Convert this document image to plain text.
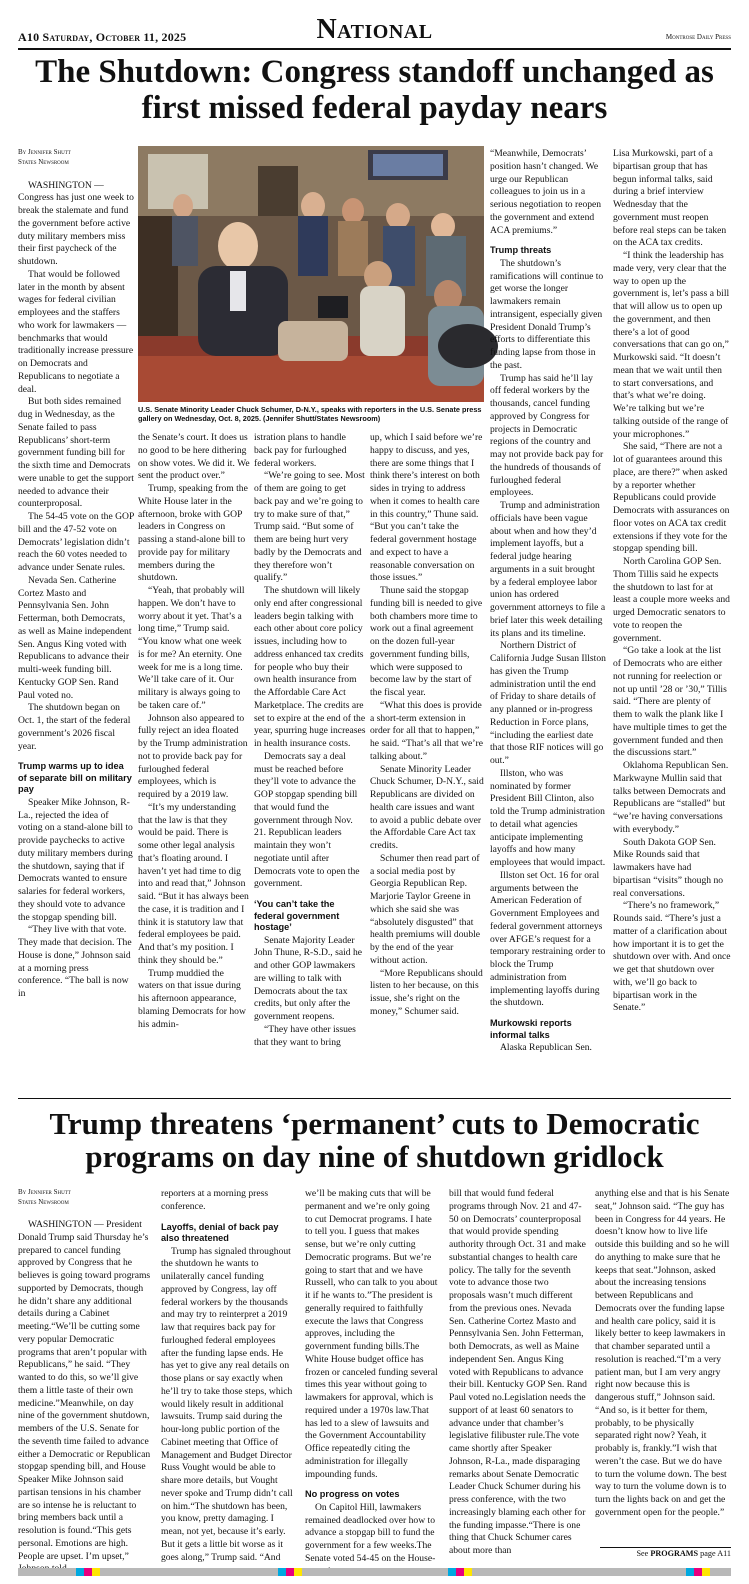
A10 Saturday, October 11, 2025	National	Montrose Daily Press
The Shutdown: Congress standoff unchanged as first missed federal payday nears

By Jennifer Shutt

States Newsroom

WASHINGTON — Congress has just one week to break the stalemate and fund the government before active duty military members miss their first paycheck of the shutdown.

That would be followed later in the month by absent wages for federal civilian employees and the staffers who work for lawmakers — benchmarks that would traditionally increase pressure on Democrats and Republicans to negotiate a deal.

But both sides remained dug in Wednesday, as the Senate failed to pass Republicans’ short-term government funding bill for the sixth time and Democrats were unable to get the support needed to advance their counterproposal.

The 54-45 vote on the GOP bill and the 47-52 vote on Democrats’ legislation didn’t reach the 60 votes needed to advance under Senate rules.

Nevada Sen. Catherine Cortez Masto and Pennsylvania Sen. John Fetterman, both Democrats, as well as Maine independent Sen. Angus King voted with Republicans to advance their multi-week funding bill. Kentucky GOP Sen. Rand Paul voted no.

The shutdown began on Oct. 1, the start of the federal government’s 2026 fiscal year.

Trump warms up to idea of separate bill on military pay

Speaker Mike Johnson, R-La., rejected the idea of voting on a stand-alone bill to provide paychecks to active duty military members during the shutdown, saying that if Democrats wanted to ensure salaries for federal workers, they should vote to advance the stopgap spending bill.

“They live with that vote. They made that decision. The House is done,” Johnson said at a morning press conference. “The ball is now in

U.S. Senate Minority Leader Chuck Schumer, D-N.Y., speaks with reporters in the U.S. Senate press gallery on Wednesday, Oct. 8, 2025. (Jennifer Shutt/States Newsroom)

the Senate’s court. It does us no good to be here dithering on show votes. We did it. We sent the product over.”

Trump, speaking from the White House later in the afternoon, broke with GOP leaders in Congress on passing a stand-alone bill to provide pay for military members during the shutdown.

“Yeah, that probably will happen. We don’t have to worry about it yet. That’s a long time,” Trump said. “You know what one week is for me? An eternity. One week for me is a long time. We’ll take care of it. Our military is always going to be taken care of.”

Johnson also appeared to fully reject an idea floated by the Trump administration not to provide back pay for furloughed federal employees, which is required by a 2019 law.

“It’s my understanding that the law is that they would be paid. There is some other legal analysis that’s floating around. I haven’t yet had time to dig into and read that,” Johnson said. “But it has always been the case, it is tradition and I think it is statutory law that federal employees be paid. And that’s my position. I think they should be.”

Trump muddied the waters on that issue during his afternoon appearance, blaming Democrats for how his admin-

istration plans to handle back pay for furloughed federal workers.

“We’re going to see. Most of them are going to get back pay and we’re going to try to make sure of that,” Trump said. “But some of them are being hurt very badly by the Democrats and they therefore won’t qualify.”

The shutdown will likely only end after congressional leaders begin talking with each other about core policy issues, including how to address enhanced tax credits for people who buy their own health insurance from the Affordable Care Act Marketplace. The credits are set to expire at the end of the year, spurring huge increases in health insurance costs.

Democrats say a deal must be reached before they’ll vote to advance the GOP stopgap spending bill that would fund the government through Nov. 21. Republican leaders maintain they won’t negotiate until after Democrats vote to open the government.

‘You can’t take the federal government hostage’

Senate Majority Leader John Thune, R-S.D., said he and other GOP lawmakers are willing to talk with Democrats about the tax credits, but only after the government reopens.

“They have other issues that they want to bring

up, which I said before we’re happy to discuss, and yes, there are some things that I think there’s interest on both sides in trying to address when it comes to health care in this country,” Thune said. “But you can’t take the federal government hostage and expect to have a reasonable conversation on those issues.”

Thune said the stopgap funding bill is needed to give both chambers more time to work out a final agreement on the dozen full-year government funding bills, which were supposed to become law by the start of the fiscal year.

“What this does is provide a short-term extension in order for all that to happen,” he said. “That’s all that we’re talking about.”

Senate Minority Leader Chuck Schumer, D-N.Y., said Republicans are divided on health care issues and want to avoid a public debate over the Affordable Care Act tax credits.

Schumer then read part of a social media post by Georgia Republican Rep. Marjorie Taylor Greene in which she said she was “absolutely disgusted” that health premiums will double by the end of the year without action.

“More Republicans should listen to her because, on this issue, she’s right on the money,” Schumer said.

“Meanwhile, Democrats’ position hasn’t changed. We urge our Republican colleagues to join us in a serious negotiation to reopen the government and extend ACA premiums.”

Trump threats

The shutdown’s ramifications will continue to get worse the longer lawmakers remain intransigent, especially given President Donald Trump’s efforts to differentiate this funding lapse from those in the past.

Trump has said he’ll lay off federal workers by the thousands, cancel funding approved by Congress for projects in Democratic regions of the country and may not provide back pay for the hundreds of thousands of furloughed federal employees.

Trump and administration officials have been vague about when and how they’d implement layoffs, but a federal judge hearing arguments in a suit brought by a federal employee labor union has ordered government attorneys to file a brief later this week detailing its plans and its timeline.

Northern District of California Judge Susan Illston has given the Trump administration until the end of Friday to share details of any planned or in-progress Reduction in Force plans, “including the earliest date that those RIF notices will go out.”

Illston, who was nominated by former President Bill Clinton, also told the Trump administration to detail what agencies anticipate implementing layoffs and how many employees that would impact.

Illston set Oct. 16 for oral arguments between the American Federation of Government Employees and federal government attorneys over AFGE’s request for a temporary restraining order to block the Trump administration from implementing layoffs during the shutdown.

Murkowski reports informal talks

Alaska Republican Sen.

Lisa Murkowski, part of a bipartisan group that has begun informal talks, said during a brief interview Wednesday that the government must reopen before real steps can be taken on the ACA tax credits.

“I think the leadership has made very, very clear that the way to open up the government is, let’s pass a bill that will allow us to open up the government, and then there’s a lot of good conversations that can go on,” Murkowski said. “It doesn’t mean that we wait until then to start conversations, and that’s what we’re doing. We’re talking but we’re talking outside of the range of your microphones.”

She said, “There are not a lot of guarantees around this place, are there?” when asked by a reporter whether Republicans could provide Democrats with assurances on floor votes on ACA tax credit extensions if they vote for the stopgap spending bill.

North Carolina GOP Sen. Thom Tillis said he expects the shutdown to last for at least a couple more weeks and urged Democratic senators to vote to reopen the government.

“Go take a look at the list of Democrats who are either not running for reelection or not up until ’28 or ’30,” Tillis said. “There are plenty of them to walk the plank like I have multiple times to get the government funded and then the discussions start.”

Oklahoma Republican Sen. Markwayne Mullin said that talks between Democrats and Republicans are “stalled” but “we’re having conversations with everybody.”

South Dakota GOP Sen. Mike Rounds said that lawmakers have had bipartisan “visits” though no real conversations.

“There’s no framework,” Rounds said. “There’s just a matter of a clarification about how important it is to get the shutdown over with. And once we get that shutdown over with, we’ll go back to bipartisan work in the Senate.”

Trump threatens ‘permanent’ cuts to Democratic programs on day nine of shutdown gridlock

By Jennifer Shutt

States Newsroom

WASHINGTON — President Donald Trump said Thursday he’s prepared to cancel funding approved by Congress that he believes is going toward programs supported by Democrats, though he didn’t share any additional details during a Cabinet meeting.“We’ll be cutting some very popular Democratic programs that aren’t popular with Republicans,” he said. “They wanted to do this, so we’ll give them a little taste of their own medicine.”Meanwhile, on day nine of the government shutdown, members of the U.S. Senate for the seventh time failed to advance either a Democratic or Republican stopgap spending bill, and House Speaker Mike Johnson said partisan tensions in his chamber are so intense he is reluctant to bring members back until a resolution is found.“This gets personal. Emotions are high. People are upset. I’m upset,”

reporters at a morning press conference.

Layoffs, denial of back pay also threatened

Trump has signaled throughout the shutdown he wants to unilaterally cancel funding approved by Congress, lay off federal workers by the thousands and may try to reinterpret a 2019 law that requires back pay for furloughed federal employees after the funding lapse ends. He has yet to give any real details on those plans or say exactly when he’ll try to take those steps, which would likely result in additional lawsuits. Trump said during the hour-long public portion of the Cabinet meeting that Office of Management and Budget Director Russ Vought would be able to share more details, but Vought never spoke and Trump didn’t call on him.“The shutdown has been, you know, pretty damaging. I mean, not yet, because it’s early. But it gets a little bit worse as it goes along,” Trump said. “And

we’ll be making cuts that will be permanent and we’re only going to cut Democrat programs. I hate to tell you. I guess that makes sense, but we’re only cutting Democratic programs. But we’re going to start that and we have Russell, who can talk to you about it if he wants to.”The president is generally required to faithfully execute the laws that Congress approves, including the government funding bills.The White House budget office has frozen or canceled funding several times this year without going to lawmakers for approval, which is required under a 1970s law.That has led to a slew of lawsuits and the Government Accountability Office repeatedly citing the administration for illegally impounding funds.

No progress on votes

On Capitol Hill, lawmakers remained deadlocked over how to advance a stopgap bill to fund the government for a few weeks.The Senate voted 54-45 on the House-

bill that would fund federal programs through Nov. 21 and 47-50 on Democrats’ counterproposal that would provide spending authority through Oct. 31 and make substantial changes to health care policy. The tally for the seventh vote to advance those two proposals wasn’t much different from the previous ones. Nevada Sen. Catherine Cortez Masto and Pennsylvania Sen. John Fetterman, both Democrats, as well as Maine independent Sen. Angus King voted with Republicans to advance their bill. Kentucky GOP Sen. Rand Paul voted no.Legislation needs the support of at least 60 senators to advance under that chamber’s legislative filibuster rule.The vote came shortly after Speaker Johnson, R-La., made disparaging remarks about Senate Democratic Leader Chuck Schumer during his press conference, with the two increasingly blaming each other for the funding impasse.“There is one thing that Chuck Schumer cares about more than

anything else and that is his Senate seat,” Johnson said. “The guy has been in Congress for 44 years. He doesn’t know how to live life outside this building and so he will do anything to make sure that he keeps that seat.”Johnson, asked about the increasing tensions between Republicans and Democrats over the funding lapse and health care policy, said it is likely better to keep lawmakers in that chamber separated until a resolution is reached.“I’m a very patient man, but I am very angry right now because this is dangerous stuff,” Johnson said. “And so, is it better for them, probably, to be physically separated right now? Yeah, it probably is, frankly.”I wish that weren’t the case. But we do have to turn the volume down. The best way to turn the volume down is to turn the lights back on and get the government open for the people.”

See PROGRAMS page A11
